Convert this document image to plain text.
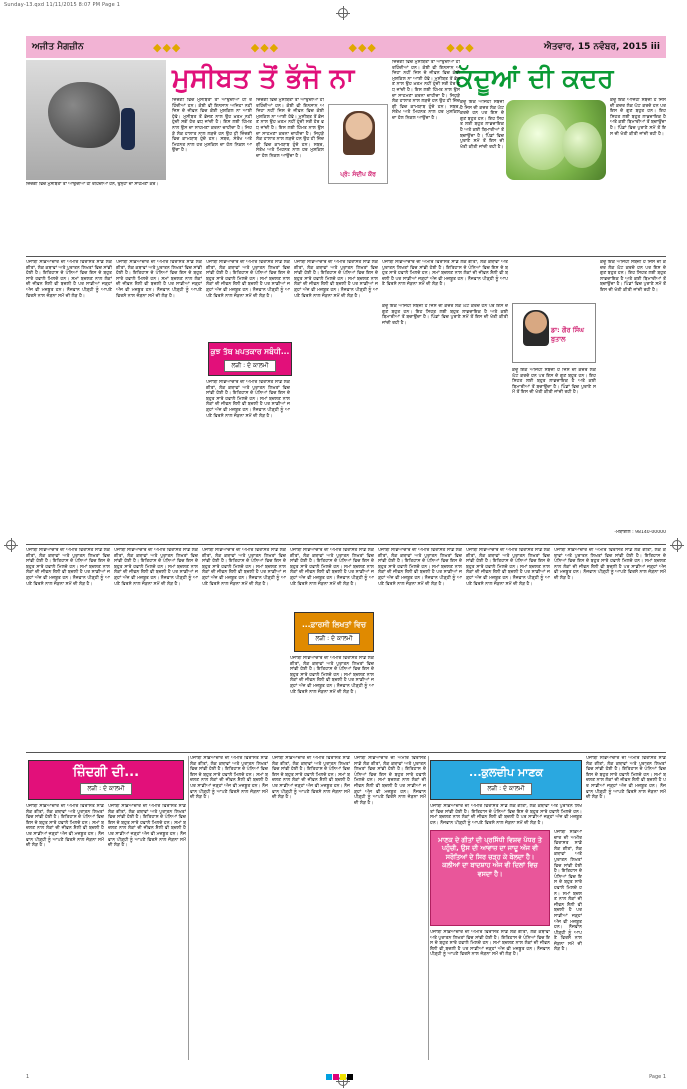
Sunday-13.qxd 11/11/2015 8:07 PM Page 1
ਅਜੀਤ ਮੈਗਜ਼ੀਨ	◆◆◆	◆◆◆	◆◆◆	◆◆◆	ਐਤਵਾਰ, 15 ਨਵੰਬਰ, 2015 iii
ਜ਼ਿੰਦਗੀ ਵਿਚ ਮੁਸੀਬਤਾਂ ਤਾਂ ਆਉਂਦੀਆਂ ਹੀ ਰਹਿੰਦੀਆਂ ਹਨ, ਉਨ੍ਹਾਂ ਦਾ ਸਾਹਮਣਾ ਕਰੋ।
ਮੁਸੀਬਤ ਤੋਂ ਭੱਜੋ ਨਾ	ਕੱਦੂਆਂ ਦੀ ਕਦਰ
ਜ਼ਿੰਦਗੀ ਵਿਚ ਮੁਸੀਬਤਾਂ ਤਾਂ ਆਉਂਦੀਆਂ ਹੀ ਰਹਿੰਦੀਆਂ ਹਨ। ਕੋਈ ਵੀ ਇਨਸਾਨ ਅਜਿਹਾ ਨਹੀਂ ਜਿਸ ਦੇ ਜੀਵਨ ਵਿਚ ਕੋਈ ਮੁਸ਼ਕਿਲ ਨਾ ਆਈ ਹੋਵੇ। ਮੁਸੀਬਤ ਤੋਂ ਭੱਜਣ ਨਾਲ ਉਹ ਖ਼ਤਮ ਨਹੀਂ ਹੁੰਦੀ ਸਗੋਂ ਹੋਰ ਵਧ ਜਾਂਦੀ ਹੈ। ਇਸ ਲਈ ਹਿੰਮਤ ਨਾਲ ਉਸ ਦਾ ਸਾਹਮਣਾ ਕਰਨਾ ਚਾਹੀਦਾ ਹੈ। ਜਿਹੜੇ ਲੋਕ ਹਾਲਾਤ ਨਾਲ ਲੜਦੇ ਹਨ ਉਹ ਹੀ ਜ਼ਿੰਦਗੀ ਵਿਚ ਕਾਮਯਾਬ ਹੁੰਦੇ ਹਨ। ਸਬਰ, ਸੰਤੋਖ ਅਤੇ ਮਿਹਨਤ ਨਾਲ ਹਰ ਮੁਸ਼ਕਿਲ ਦਾ ਹੱਲ ਨਿਕਲ ਆਉਂਦਾ ਹੈ।
ਜ਼ਿੰਦਗੀ ਵਿਚ ਮੁਸੀਬਤਾਂ ਤਾਂ ਆਉਂਦੀਆਂ ਹੀ ਰਹਿੰਦੀਆਂ ਹਨ। ਕੋਈ ਵੀ ਇਨਸਾਨ ਅਜਿਹਾ ਨਹੀਂ ਜਿਸ ਦੇ ਜੀਵਨ ਵਿਚ ਕੋਈ ਮੁਸ਼ਕਿਲ ਨਾ ਆਈ ਹੋਵੇ। ਮੁਸੀਬਤ ਤੋਂ ਭੱਜਣ ਨਾਲ ਉਹ ਖ਼ਤਮ ਨਹੀਂ ਹੁੰਦੀ ਸਗੋਂ ਹੋਰ ਵਧ ਜਾਂਦੀ ਹੈ। ਇਸ ਲਈ ਹਿੰਮਤ ਨਾਲ ਉਸ ਦਾ ਸਾਹਮਣਾ ਕਰਨਾ ਚਾਹੀਦਾ ਹੈ। ਜਿਹੜੇ ਲੋਕ ਹਾਲਾਤ ਨਾਲ ਲੜਦੇ ਹਨ ਉਹ ਹੀ ਜ਼ਿੰਦਗੀ ਵਿਚ ਕਾਮਯਾਬ ਹੁੰਦੇ ਹਨ। ਸਬਰ, ਸੰਤੋਖ ਅਤੇ ਮਿਹਨਤ ਨਾਲ ਹਰ ਮੁਸ਼ਕਿਲ ਦਾ ਹੱਲ ਨਿਕਲ ਆਉਂਦਾ ਹੈ।
ਪ੍ਰੋ: ਸੰਦੀਪ ਕੌਰ
ਜ਼ਿੰਦਗੀ ਵਿਚ ਮੁਸੀਬਤਾਂ ਤਾਂ ਆਉਂਦੀਆਂ ਹੀ ਰਹਿੰਦੀਆਂ ਹਨ। ਕੋਈ ਵੀ ਇਨਸਾਨ ਅਜਿਹਾ ਨਹੀਂ ਜਿਸ ਦੇ ਜੀਵਨ ਵਿਚ ਕੋਈ ਮੁਸ਼ਕਿਲ ਨਾ ਆਈ ਹੋਵੇ। ਮੁਸੀਬਤ ਤੋਂ ਭੱਜਣ ਨਾਲ ਉਹ ਖ਼ਤਮ ਨਹੀਂ ਹੁੰਦੀ ਸਗੋਂ ਹੋਰ ਵਧ ਜਾਂਦੀ ਹੈ। ਇਸ ਲਈ ਹਿੰਮਤ ਨਾਲ ਉਸ ਦਾ ਸਾਹਮਣਾ ਕਰਨਾ ਚਾਹੀਦਾ ਹੈ। ਜਿਹੜੇ ਲੋਕ ਹਾਲਾਤ ਨਾਲ ਲੜਦੇ ਹਨ ਉਹ ਹੀ ਜ਼ਿੰਦਗੀ ਵਿਚ ਕਾਮਯਾਬ ਹੁੰਦੇ ਹਨ। ਸਬਰ, ਸੰਤੋਖ ਅਤੇ ਮਿਹਨਤ ਨਾਲ ਹਰ ਮੁਸ਼ਕਿਲ ਦਾ ਹੱਲ ਨਿਕਲ ਆਉਂਦਾ ਹੈ।
ਕੱਦੂ ਇਕ ਅਜਿਹੀ ਸਬਜ਼ੀ ਹੈ ਜਿਸ ਦੀ ਕਦਰ ਲੋਕ ਘੱਟ ਕਰਦੇ ਹਨ ਪਰ ਇਸ ਦੇ ਗੁਣ ਬਹੁਤ ਹਨ। ਇਹ ਸਿਹਤ ਲਈ ਬਹੁਤ ਲਾਭਦਾਇਕ ਹੈ ਅਤੇ ਕਈ ਬਿਮਾਰੀਆਂ ਤੋਂ ਬਚਾਉਂਦਾ ਹੈ। ਪਿੰਡਾਂ ਵਿਚ ਪੁਰਾਣੇ ਸਮੇਂ ਤੋਂ ਇਸ ਦੀ ਖੇਤੀ ਕੀਤੀ ਜਾਂਦੀ ਰਹੀ ਹੈ।
ਕੱਦੂ ਇਕ ਅਜਿਹੀ ਸਬਜ਼ੀ ਹੈ ਜਿਸ ਦੀ ਕਦਰ ਲੋਕ ਘੱਟ ਕਰਦੇ ਹਨ ਪਰ ਇਸ ਦੇ ਗੁਣ ਬਹੁਤ ਹਨ। ਇਹ ਸਿਹਤ ਲਈ ਬਹੁਤ ਲਾਭਦਾਇਕ ਹੈ ਅਤੇ ਕਈ ਬਿਮਾਰੀਆਂ ਤੋਂ ਬਚਾਉਂਦਾ ਹੈ। ਪਿੰਡਾਂ ਵਿਚ ਪੁਰਾਣੇ ਸਮੇਂ ਤੋਂ ਇਸ ਦੀ ਖੇਤੀ ਕੀਤੀ ਜਾਂਦੀ ਰਹੀ ਹੈ।
ਪੰਜਾਬੀ ਸੱਭਿਆਚਾਰ ਦੀ ਅਮੀਰ ਵਿਰਾਸਤ ਸਾਡੇ ਲੋਕ ਗੀਤਾਂ, ਲੋਕ ਕਥਾਵਾਂ ਅਤੇ ਪੁਰਾਤਨ ਲਿਖਤਾਂ ਵਿਚ ਸਾਂਭੀ ਹੋਈ ਹੈ। ਇਤਿਹਾਸ ਦੇ ਪੰਨਿਆਂ ਵਿਚ ਇਸ ਦੇ ਬਹੁਤ ਸਾਰੇ ਹਵਾਲੇ ਮਿਲਦੇ ਹਨ। ਸਮਾਂ ਬਦਲਣ ਨਾਲ ਲੋਕਾਂ ਦੀ ਜੀਵਨ ਸ਼ੈਲੀ ਵੀ ਬਦਲੀ ਹੈ ਪਰ ਸਾਡੀਆਂ ਜੜ੍ਹਾਂ ਅੱਜ ਵੀ ਮਜ਼ਬੂਤ ਹਨ। ਨੌਜਵਾਨ ਪੀੜ੍ਹੀ ਨੂੰ ਆਪਣੇ ਵਿਰਸੇ ਨਾਲ ਜੋੜਨਾ ਸਮੇਂ ਦੀ ਲੋੜ ਹੈ।
ਪੰਜਾਬੀ ਸੱਭਿਆਚਾਰ ਦੀ ਅਮੀਰ ਵਿਰਾਸਤ ਸਾਡੇ ਲੋਕ ਗੀਤਾਂ, ਲੋਕ ਕਥਾਵਾਂ ਅਤੇ ਪੁਰਾਤਨ ਲਿਖਤਾਂ ਵਿਚ ਸਾਂਭੀ ਹੋਈ ਹੈ। ਇਤਿਹਾਸ ਦੇ ਪੰਨਿਆਂ ਵਿਚ ਇਸ ਦੇ ਬਹੁਤ ਸਾਰੇ ਹਵਾਲੇ ਮਿਲਦੇ ਹਨ। ਸਮਾਂ ਬਦਲਣ ਨਾਲ ਲੋਕਾਂ ਦੀ ਜੀਵਨ ਸ਼ੈਲੀ ਵੀ ਬਦਲੀ ਹੈ ਪਰ ਸਾਡੀਆਂ ਜੜ੍ਹਾਂ ਅੱਜ ਵੀ ਮਜ਼ਬੂਤ ਹਨ। ਨੌਜਵਾਨ ਪੀੜ੍ਹੀ ਨੂੰ ਆਪਣੇ ਵਿਰਸੇ ਨਾਲ ਜੋੜਨਾ ਸਮੇਂ ਦੀ ਲੋੜ ਹੈ।
ਪੰਜਾਬੀ ਸੱਭਿਆਚਾਰ ਦੀ ਅਮੀਰ ਵਿਰਾਸਤ ਸਾਡੇ ਲੋਕ ਗੀਤਾਂ, ਲੋਕ ਕਥਾਵਾਂ ਅਤੇ ਪੁਰਾਤਨ ਲਿਖਤਾਂ ਵਿਚ ਸਾਂਭੀ ਹੋਈ ਹੈ। ਇਤਿਹਾਸ ਦੇ ਪੰਨਿਆਂ ਵਿਚ ਇਸ ਦੇ ਬਹੁਤ ਸਾਰੇ ਹਵਾਲੇ ਮਿਲਦੇ ਹਨ। ਸਮਾਂ ਬਦਲਣ ਨਾਲ ਲੋਕਾਂ ਦੀ ਜੀਵਨ ਸ਼ੈਲੀ ਵੀ ਬਦਲੀ ਹੈ ਪਰ ਸਾਡੀਆਂ ਜੜ੍ਹਾਂ ਅੱਜ ਵੀ ਮਜ਼ਬੂਤ ਹਨ। ਨੌਜਵਾਨ ਪੀੜ੍ਹੀ ਨੂੰ ਆਪਣੇ ਵਿਰਸੇ ਨਾਲ ਜੋੜਨਾ ਸਮੇਂ ਦੀ ਲੋੜ ਹੈ।
ਪੰਜਾਬੀ ਸੱਭਿਆਚਾਰ ਦੀ ਅਮੀਰ ਵਿਰਾਸਤ ਸਾਡੇ ਲੋਕ ਗੀਤਾਂ, ਲੋਕ ਕਥਾਵਾਂ ਅਤੇ ਪੁਰਾਤਨ ਲਿਖਤਾਂ ਵਿਚ ਸਾਂਭੀ ਹੋਈ ਹੈ। ਇਤਿਹਾਸ ਦੇ ਪੰਨਿਆਂ ਵਿਚ ਇਸ ਦੇ ਬਹੁਤ ਸਾਰੇ ਹਵਾਲੇ ਮਿਲਦੇ ਹਨ। ਸਮਾਂ ਬਦਲਣ ਨਾਲ ਲੋਕਾਂ ਦੀ ਜੀਵਨ ਸ਼ੈਲੀ ਵੀ ਬਦਲੀ ਹੈ ਪਰ ਸਾਡੀਆਂ ਜੜ੍ਹਾਂ ਅੱਜ ਵੀ ਮਜ਼ਬੂਤ ਹਨ। ਨੌਜਵਾਨ ਪੀੜ੍ਹੀ ਨੂੰ ਆਪਣੇ ਵਿਰਸੇ ਨਾਲ ਜੋੜਨਾ ਸਮੇਂ ਦੀ ਲੋੜ ਹੈ।
ਪੰਜਾਬੀ ਸੱਭਿਆਚਾਰ ਦੀ ਅਮੀਰ ਵਿਰਾਸਤ ਸਾਡੇ ਲੋਕ ਗੀਤਾਂ, ਲੋਕ ਕਥਾਵਾਂ ਅਤੇ ਪੁਰਾਤਨ ਲਿਖਤਾਂ ਵਿਚ ਸਾਂਭੀ ਹੋਈ ਹੈ। ਇਤਿਹਾਸ ਦੇ ਪੰਨਿਆਂ ਵਿਚ ਇਸ ਦੇ ਬਹੁਤ ਸਾਰੇ ਹਵਾਲੇ ਮਿਲਦੇ ਹਨ। ਸਮਾਂ ਬਦਲਣ ਨਾਲ ਲੋਕਾਂ ਦੀ ਜੀਵਨ ਸ਼ੈਲੀ ਵੀ ਬਦਲੀ ਹੈ ਪਰ ਸਾਡੀਆਂ ਜੜ੍ਹਾਂ ਅੱਜ ਵੀ ਮਜ਼ਬੂਤ ਹਨ। ਨੌਜਵਾਨ ਪੀੜ੍ਹੀ ਨੂੰ ਆਪਣੇ ਵਿਰਸੇ ਨਾਲ ਜੋੜਨਾ ਸਮੇਂ ਦੀ ਲੋੜ ਹੈ।
ਕੱਦੂ ਇਕ ਅਜਿਹੀ ਸਬਜ਼ੀ ਹੈ ਜਿਸ ਦੀ ਕਦਰ ਲੋਕ ਘੱਟ ਕਰਦੇ ਹਨ ਪਰ ਇਸ ਦੇ ਗੁਣ ਬਹੁਤ ਹਨ। ਇਹ ਸਿਹਤ ਲਈ ਬਹੁਤ ਲਾਭਦਾਇਕ ਹੈ ਅਤੇ ਕਈ ਬਿਮਾਰੀਆਂ ਤੋਂ ਬਚਾਉਂਦਾ ਹੈ। ਪਿੰਡਾਂ ਵਿਚ ਪੁਰਾਣੇ ਸਮੇਂ ਤੋਂ ਇਸ ਦੀ ਖੇਤੀ ਕੀਤੀ ਜਾਂਦੀ ਰਹੀ ਹੈ।
ਕੱਦੂ ਇਕ ਅਜਿਹੀ ਸਬਜ਼ੀ ਹੈ ਜਿਸ ਦੀ ਕਦਰ ਲੋਕ ਘੱਟ ਕਰਦੇ ਹਨ ਪਰ ਇਸ ਦੇ ਗੁਣ ਬਹੁਤ ਹਨ। ਇਹ ਸਿਹਤ ਲਈ ਬਹੁਤ ਲਾਭਦਾਇਕ ਹੈ ਅਤੇ ਕਈ ਬਿਮਾਰੀਆਂ ਤੋਂ ਬਚਾਉਂਦਾ ਹੈ। ਪਿੰਡਾਂ ਵਿਚ ਪੁਰਾਣੇ ਸਮੇਂ ਤੋਂ ਇਸ ਦੀ ਖੇਤੀ ਕੀਤੀ ਜਾਂਦੀ ਰਹੀ ਹੈ।
ਕੱਦੂ ਇਕ ਅਜਿਹੀ ਸਬਜ਼ੀ ਹੈ ਜਿਸ ਦੀ ਕਦਰ ਲੋਕ ਘੱਟ ਕਰਦੇ ਹਨ ਪਰ ਇਸ ਦੇ ਗੁਣ ਬਹੁਤ ਹਨ। ਇਹ ਸਿਹਤ ਲਈ ਬਹੁਤ ਲਾਭਦਾਇਕ ਹੈ ਅਤੇ ਕਈ ਬਿਮਾਰੀਆਂ ਤੋਂ ਬਚਾਉਂਦਾ ਹੈ। ਪਿੰਡਾਂ ਵਿਚ ਪੁਰਾਣੇ ਸਮੇਂ ਤੋਂ ਇਸ ਦੀ ਖੇਤੀ ਕੀਤੀ ਜਾਂਦੀ ਰਹੀ ਹੈ।
ਕੁਝ ਤੱਥ ਖ਼ਪਤਕਾਰ ਸਬੰਧੀ...
ਲੜੀ : ਦੋ ਕਾਲਮੀ
ਪੰਜਾਬੀ ਸੱਭਿਆਚਾਰ ਦੀ ਅਮੀਰ ਵਿਰਾਸਤ ਸਾਡੇ ਲੋਕ ਗੀਤਾਂ, ਲੋਕ ਕਥਾਵਾਂ ਅਤੇ ਪੁਰਾਤਨ ਲਿਖਤਾਂ ਵਿਚ ਸਾਂਭੀ ਹੋਈ ਹੈ। ਇਤਿਹਾਸ ਦੇ ਪੰਨਿਆਂ ਵਿਚ ਇਸ ਦੇ ਬਹੁਤ ਸਾਰੇ ਹਵਾਲੇ ਮਿਲਦੇ ਹਨ। ਸਮਾਂ ਬਦਲਣ ਨਾਲ ਲੋਕਾਂ ਦੀ ਜੀਵਨ ਸ਼ੈਲੀ ਵੀ ਬਦਲੀ ਹੈ ਪਰ ਸਾਡੀਆਂ ਜੜ੍ਹਾਂ ਅੱਜ ਵੀ ਮਜ਼ਬੂਤ ਹਨ। ਨੌਜਵਾਨ ਪੀੜ੍ਹੀ ਨੂੰ ਆਪਣੇ ਵਿਰਸੇ ਨਾਲ ਜੋੜਨਾ ਸਮੇਂ ਦੀ ਲੋੜ ਹੈ।
ਡਾ: ਗੌਰ ਸਿੰਘ ਬੁਤਾਲ
-ਮੋਬਾਈਲ : 98140-00000
ਪੰਜਾਬੀ ਸੱਭਿਆਚਾਰ ਦੀ ਅਮੀਰ ਵਿਰਾਸਤ ਸਾਡੇ ਲੋਕ ਗੀਤਾਂ, ਲੋਕ ਕਥਾਵਾਂ ਅਤੇ ਪੁਰਾਤਨ ਲਿਖਤਾਂ ਵਿਚ ਸਾਂਭੀ ਹੋਈ ਹੈ। ਇਤਿਹਾਸ ਦੇ ਪੰਨਿਆਂ ਵਿਚ ਇਸ ਦੇ ਬਹੁਤ ਸਾਰੇ ਹਵਾਲੇ ਮਿਲਦੇ ਹਨ। ਸਮਾਂ ਬਦਲਣ ਨਾਲ ਲੋਕਾਂ ਦੀ ਜੀਵਨ ਸ਼ੈਲੀ ਵੀ ਬਦਲੀ ਹੈ ਪਰ ਸਾਡੀਆਂ ਜੜ੍ਹਾਂ ਅੱਜ ਵੀ ਮਜ਼ਬੂਤ ਹਨ। ਨੌਜਵਾਨ ਪੀੜ੍ਹੀ ਨੂੰ ਆਪਣੇ ਵਿਰਸੇ ਨਾਲ ਜੋੜਨਾ ਸਮੇਂ ਦੀ ਲੋੜ ਹੈ।
ਪੰਜਾਬੀ ਸੱਭਿਆਚਾਰ ਦੀ ਅਮੀਰ ਵਿਰਾਸਤ ਸਾਡੇ ਲੋਕ ਗੀਤਾਂ, ਲੋਕ ਕਥਾਵਾਂ ਅਤੇ ਪੁਰਾਤਨ ਲਿਖਤਾਂ ਵਿਚ ਸਾਂਭੀ ਹੋਈ ਹੈ। ਇਤਿਹਾਸ ਦੇ ਪੰਨਿਆਂ ਵਿਚ ਇਸ ਦੇ ਬਹੁਤ ਸਾਰੇ ਹਵਾਲੇ ਮਿਲਦੇ ਹਨ। ਸਮਾਂ ਬਦਲਣ ਨਾਲ ਲੋਕਾਂ ਦੀ ਜੀਵਨ ਸ਼ੈਲੀ ਵੀ ਬਦਲੀ ਹੈ ਪਰ ਸਾਡੀਆਂ ਜੜ੍ਹਾਂ ਅੱਜ ਵੀ ਮਜ਼ਬੂਤ ਹਨ। ਨੌਜਵਾਨ ਪੀੜ੍ਹੀ ਨੂੰ ਆਪਣੇ ਵਿਰਸੇ ਨਾਲ ਜੋੜਨਾ ਸਮੇਂ ਦੀ ਲੋੜ ਹੈ।
ਪੰਜਾਬੀ ਸੱਭਿਆਚਾਰ ਦੀ ਅਮੀਰ ਵਿਰਾਸਤ ਸਾਡੇ ਲੋਕ ਗੀਤਾਂ, ਲੋਕ ਕਥਾਵਾਂ ਅਤੇ ਪੁਰਾਤਨ ਲਿਖਤਾਂ ਵਿਚ ਸਾਂਭੀ ਹੋਈ ਹੈ। ਇਤਿਹਾਸ ਦੇ ਪੰਨਿਆਂ ਵਿਚ ਇਸ ਦੇ ਬਹੁਤ ਸਾਰੇ ਹਵਾਲੇ ਮਿਲਦੇ ਹਨ। ਸਮਾਂ ਬਦਲਣ ਨਾਲ ਲੋਕਾਂ ਦੀ ਜੀਵਨ ਸ਼ੈਲੀ ਵੀ ਬਦਲੀ ਹੈ ਪਰ ਸਾਡੀਆਂ ਜੜ੍ਹਾਂ ਅੱਜ ਵੀ ਮਜ਼ਬੂਤ ਹਨ। ਨੌਜਵਾਨ ਪੀੜ੍ਹੀ ਨੂੰ ਆਪਣੇ ਵਿਰਸੇ ਨਾਲ ਜੋੜਨਾ ਸਮੇਂ ਦੀ ਲੋੜ ਹੈ।
ਪੰਜਾਬੀ ਸੱਭਿਆਚਾਰ ਦੀ ਅਮੀਰ ਵਿਰਾਸਤ ਸਾਡੇ ਲੋਕ ਗੀਤਾਂ, ਲੋਕ ਕਥਾਵਾਂ ਅਤੇ ਪੁਰਾਤਨ ਲਿਖਤਾਂ ਵਿਚ ਸਾਂਭੀ ਹੋਈ ਹੈ। ਇਤਿਹਾਸ ਦੇ ਪੰਨਿਆਂ ਵਿਚ ਇਸ ਦੇ ਬਹੁਤ ਸਾਰੇ ਹਵਾਲੇ ਮਿਲਦੇ ਹਨ। ਸਮਾਂ ਬਦਲਣ ਨਾਲ ਲੋਕਾਂ ਦੀ ਜੀਵਨ ਸ਼ੈਲੀ ਵੀ ਬਦਲੀ ਹੈ ਪਰ ਸਾਡੀਆਂ ਜੜ੍ਹਾਂ ਅੱਜ ਵੀ ਮਜ਼ਬੂਤ ਹਨ। ਨੌਜਵਾਨ ਪੀੜ੍ਹੀ ਨੂੰ ਆਪਣੇ ਵਿਰਸੇ ਨਾਲ ਜੋੜਨਾ ਸਮੇਂ ਦੀ ਲੋੜ ਹੈ।
ਪੰਜਾਬੀ ਸੱਭਿਆਚਾਰ ਦੀ ਅਮੀਰ ਵਿਰਾਸਤ ਸਾਡੇ ਲੋਕ ਗੀਤਾਂ, ਲੋਕ ਕਥਾਵਾਂ ਅਤੇ ਪੁਰਾਤਨ ਲਿਖਤਾਂ ਵਿਚ ਸਾਂਭੀ ਹੋਈ ਹੈ। ਇਤਿਹਾਸ ਦੇ ਪੰਨਿਆਂ ਵਿਚ ਇਸ ਦੇ ਬਹੁਤ ਸਾਰੇ ਹਵਾਲੇ ਮਿਲਦੇ ਹਨ। ਸਮਾਂ ਬਦਲਣ ਨਾਲ ਲੋਕਾਂ ਦੀ ਜੀਵਨ ਸ਼ੈਲੀ ਵੀ ਬਦਲੀ ਹੈ ਪਰ ਸਾਡੀਆਂ ਜੜ੍ਹਾਂ ਅੱਜ ਵੀ ਮਜ਼ਬੂਤ ਹਨ। ਨੌਜਵਾਨ ਪੀੜ੍ਹੀ ਨੂੰ ਆਪਣੇ ਵਿਰਸੇ ਨਾਲ ਜੋੜਨਾ ਸਮੇਂ ਦੀ ਲੋੜ ਹੈ।
ਪੰਜਾਬੀ ਸੱਭਿਆਚਾਰ ਦੀ ਅਮੀਰ ਵਿਰਾਸਤ ਸਾਡੇ ਲੋਕ ਗੀਤਾਂ, ਲੋਕ ਕਥਾਵਾਂ ਅਤੇ ਪੁਰਾਤਨ ਲਿਖਤਾਂ ਵਿਚ ਸਾਂਭੀ ਹੋਈ ਹੈ। ਇਤਿਹਾਸ ਦੇ ਪੰਨਿਆਂ ਵਿਚ ਇਸ ਦੇ ਬਹੁਤ ਸਾਰੇ ਹਵਾਲੇ ਮਿਲਦੇ ਹਨ। ਸਮਾਂ ਬਦਲਣ ਨਾਲ ਲੋਕਾਂ ਦੀ ਜੀਵਨ ਸ਼ੈਲੀ ਵੀ ਬਦਲੀ ਹੈ ਪਰ ਸਾਡੀਆਂ ਜੜ੍ਹਾਂ ਅੱਜ ਵੀ ਮਜ਼ਬੂਤ ਹਨ। ਨੌਜਵਾਨ ਪੀੜ੍ਹੀ ਨੂੰ ਆਪਣੇ ਵਿਰਸੇ ਨਾਲ ਜੋੜਨਾ ਸਮੇਂ ਦੀ ਲੋੜ ਹੈ।
ਪੰਜਾਬੀ ਸੱਭਿਆਚਾਰ ਦੀ ਅਮੀਰ ਵਿਰਾਸਤ ਸਾਡੇ ਲੋਕ ਗੀਤਾਂ, ਲੋਕ ਕਥਾਵਾਂ ਅਤੇ ਪੁਰਾਤਨ ਲਿਖਤਾਂ ਵਿਚ ਸਾਂਭੀ ਹੋਈ ਹੈ। ਇਤਿਹਾਸ ਦੇ ਪੰਨਿਆਂ ਵਿਚ ਇਸ ਦੇ ਬਹੁਤ ਸਾਰੇ ਹਵਾਲੇ ਮਿਲਦੇ ਹਨ। ਸਮਾਂ ਬਦਲਣ ਨਾਲ ਲੋਕਾਂ ਦੀ ਜੀਵਨ ਸ਼ੈਲੀ ਵੀ ਬਦਲੀ ਹੈ ਪਰ ਸਾਡੀਆਂ ਜੜ੍ਹਾਂ ਅੱਜ ਵੀ ਮਜ਼ਬੂਤ ਹਨ। ਨੌਜਵਾਨ ਪੀੜ੍ਹੀ ਨੂੰ ਆਪਣੇ ਵਿਰਸੇ ਨਾਲ ਜੋੜਨਾ ਸਮੇਂ ਦੀ ਲੋੜ ਹੈ।
...ਫ਼ਾਰਸੀ ਲਿਖਤਾਂ ਵਿਚ
ਲੜੀ : ਦੋ ਕਾਲਮੀ
ਪੰਜਾਬੀ ਸੱਭਿਆਚਾਰ ਦੀ ਅਮੀਰ ਵਿਰਾਸਤ ਸਾਡੇ ਲੋਕ ਗੀਤਾਂ, ਲੋਕ ਕਥਾਵਾਂ ਅਤੇ ਪੁਰਾਤਨ ਲਿਖਤਾਂ ਵਿਚ ਸਾਂਭੀ ਹੋਈ ਹੈ। ਇਤਿਹਾਸ ਦੇ ਪੰਨਿਆਂ ਵਿਚ ਇਸ ਦੇ ਬਹੁਤ ਸਾਰੇ ਹਵਾਲੇ ਮਿਲਦੇ ਹਨ। ਸਮਾਂ ਬਦਲਣ ਨਾਲ ਲੋਕਾਂ ਦੀ ਜੀਵਨ ਸ਼ੈਲੀ ਵੀ ਬਦਲੀ ਹੈ ਪਰ ਸਾਡੀਆਂ ਜੜ੍ਹਾਂ ਅੱਜ ਵੀ ਮਜ਼ਬੂਤ ਹਨ। ਨੌਜਵਾਨ ਪੀੜ੍ਹੀ ਨੂੰ ਆਪਣੇ ਵਿਰਸੇ ਨਾਲ ਜੋੜਨਾ ਸਮੇਂ ਦੀ ਲੋੜ ਹੈ।
ਜ਼ਿੰਦਗੀ ਦੀ...
ਲੜੀ : ਦੋ ਕਾਲਮੀ
ਪੰਜਾਬੀ ਸੱਭਿਆਚਾਰ ਦੀ ਅਮੀਰ ਵਿਰਾਸਤ ਸਾਡੇ ਲੋਕ ਗੀਤਾਂ, ਲੋਕ ਕਥਾਵਾਂ ਅਤੇ ਪੁਰਾਤਨ ਲਿਖਤਾਂ ਵਿਚ ਸਾਂਭੀ ਹੋਈ ਹੈ। ਇਤਿਹਾਸ ਦੇ ਪੰਨਿਆਂ ਵਿਚ ਇਸ ਦੇ ਬਹੁਤ ਸਾਰੇ ਹਵਾਲੇ ਮਿਲਦੇ ਹਨ। ਸਮਾਂ ਬਦਲਣ ਨਾਲ ਲੋਕਾਂ ਦੀ ਜੀਵਨ ਸ਼ੈਲੀ ਵੀ ਬਦਲੀ ਹੈ ਪਰ ਸਾਡੀਆਂ ਜੜ੍ਹਾਂ ਅੱਜ ਵੀ ਮਜ਼ਬੂਤ ਹਨ। ਨੌਜਵਾਨ ਪੀੜ੍ਹੀ ਨੂੰ ਆਪਣੇ ਵਿਰਸੇ ਨਾਲ ਜੋੜਨਾ ਸਮੇਂ ਦੀ ਲੋੜ ਹੈ।
ਪੰਜਾਬੀ ਸੱਭਿਆਚਾਰ ਦੀ ਅਮੀਰ ਵਿਰਾਸਤ ਸਾਡੇ ਲੋਕ ਗੀਤਾਂ, ਲੋਕ ਕਥਾਵਾਂ ਅਤੇ ਪੁਰਾਤਨ ਲਿਖਤਾਂ ਵਿਚ ਸਾਂਭੀ ਹੋਈ ਹੈ। ਇਤਿਹਾਸ ਦੇ ਪੰਨਿਆਂ ਵਿਚ ਇਸ ਦੇ ਬਹੁਤ ਸਾਰੇ ਹਵਾਲੇ ਮਿਲਦੇ ਹਨ। ਸਮਾਂ ਬਦਲਣ ਨਾਲ ਲੋਕਾਂ ਦੀ ਜੀਵਨ ਸ਼ੈਲੀ ਵੀ ਬਦਲੀ ਹੈ ਪਰ ਸਾਡੀਆਂ ਜੜ੍ਹਾਂ ਅੱਜ ਵੀ ਮਜ਼ਬੂਤ ਹਨ। ਨੌਜਵਾਨ ਪੀੜ੍ਹੀ ਨੂੰ ਆਪਣੇ ਵਿਰਸੇ ਨਾਲ ਜੋੜਨਾ ਸਮੇਂ ਦੀ ਲੋੜ ਹੈ।
ਪੰਜਾਬੀ ਸੱਭਿਆਚਾਰ ਦੀ ਅਮੀਰ ਵਿਰਾਸਤ ਸਾਡੇ ਲੋਕ ਗੀਤਾਂ, ਲੋਕ ਕਥਾਵਾਂ ਅਤੇ ਪੁਰਾਤਨ ਲਿਖਤਾਂ ਵਿਚ ਸਾਂਭੀ ਹੋਈ ਹੈ। ਇਤਿਹਾਸ ਦੇ ਪੰਨਿਆਂ ਵਿਚ ਇਸ ਦੇ ਬਹੁਤ ਸਾਰੇ ਹਵਾਲੇ ਮਿਲਦੇ ਹਨ। ਸਮਾਂ ਬਦਲਣ ਨਾਲ ਲੋਕਾਂ ਦੀ ਜੀਵਨ ਸ਼ੈਲੀ ਵੀ ਬਦਲੀ ਹੈ ਪਰ ਸਾਡੀਆਂ ਜੜ੍ਹਾਂ ਅੱਜ ਵੀ ਮਜ਼ਬੂਤ ਹਨ। ਨੌਜਵਾਨ ਪੀੜ੍ਹੀ ਨੂੰ ਆਪਣੇ ਵਿਰਸੇ ਨਾਲ ਜੋੜਨਾ ਸਮੇਂ ਦੀ ਲੋੜ ਹੈ।
ਪੰਜਾਬੀ ਸੱਭਿਆਚਾਰ ਦੀ ਅਮੀਰ ਵਿਰਾਸਤ ਸਾਡੇ ਲੋਕ ਗੀਤਾਂ, ਲੋਕ ਕਥਾਵਾਂ ਅਤੇ ਪੁਰਾਤਨ ਲਿਖਤਾਂ ਵਿਚ ਸਾਂਭੀ ਹੋਈ ਹੈ। ਇਤਿਹਾਸ ਦੇ ਪੰਨਿਆਂ ਵਿਚ ਇਸ ਦੇ ਬਹੁਤ ਸਾਰੇ ਹਵਾਲੇ ਮਿਲਦੇ ਹਨ। ਸਮਾਂ ਬਦਲਣ ਨਾਲ ਲੋਕਾਂ ਦੀ ਜੀਵਨ ਸ਼ੈਲੀ ਵੀ ਬਦਲੀ ਹੈ ਪਰ ਸਾਡੀਆਂ ਜੜ੍ਹਾਂ ਅੱਜ ਵੀ ਮਜ਼ਬੂਤ ਹਨ। ਨੌਜਵਾਨ ਪੀੜ੍ਹੀ ਨੂੰ ਆਪਣੇ ਵਿਰਸੇ ਨਾਲ ਜੋੜਨਾ ਸਮੇਂ ਦੀ ਲੋੜ ਹੈ।
ਪੰਜਾਬੀ ਸੱਭਿਆਚਾਰ ਦੀ ਅਮੀਰ ਵਿਰਾਸਤ ਸਾਡੇ ਲੋਕ ਗੀਤਾਂ, ਲੋਕ ਕਥਾਵਾਂ ਅਤੇ ਪੁਰਾਤਨ ਲਿਖਤਾਂ ਵਿਚ ਸਾਂਭੀ ਹੋਈ ਹੈ। ਇਤਿਹਾਸ ਦੇ ਪੰਨਿਆਂ ਵਿਚ ਇਸ ਦੇ ਬਹੁਤ ਸਾਰੇ ਹਵਾਲੇ ਮਿਲਦੇ ਹਨ। ਸਮਾਂ ਬਦਲਣ ਨਾਲ ਲੋਕਾਂ ਦੀ ਜੀਵਨ ਸ਼ੈਲੀ ਵੀ ਬਦਲੀ ਹੈ ਪਰ ਸਾਡੀਆਂ ਜੜ੍ਹਾਂ ਅੱਜ ਵੀ ਮਜ਼ਬੂਤ ਹਨ। ਨੌਜਵਾਨ ਪੀੜ੍ਹੀ ਨੂੰ ਆਪਣੇ ਵਿਰਸੇ ਨਾਲ ਜੋੜਨਾ ਸਮੇਂ ਦੀ ਲੋੜ ਹੈ।
...ਕੁਲਦੀਪ ਮਾਣਕ
ਲੜੀ : ਦੋ ਕਾਲਮੀ
ਪੰਜਾਬੀ ਸੱਭਿਆਚਾਰ ਦੀ ਅਮੀਰ ਵਿਰਾਸਤ ਸਾਡੇ ਲੋਕ ਗੀਤਾਂ, ਲੋਕ ਕਥਾਵਾਂ ਅਤੇ ਪੁਰਾਤਨ ਲਿਖਤਾਂ ਵਿਚ ਸਾਂਭੀ ਹੋਈ ਹੈ। ਇਤਿਹਾਸ ਦੇ ਪੰਨਿਆਂ ਵਿਚ ਇਸ ਦੇ ਬਹੁਤ ਸਾਰੇ ਹਵਾਲੇ ਮਿਲਦੇ ਹਨ। ਸਮਾਂ ਬਦਲਣ ਨਾਲ ਲੋਕਾਂ ਦੀ ਜੀਵਨ ਸ਼ੈਲੀ ਵੀ ਬਦਲੀ ਹੈ ਪਰ ਸਾਡੀਆਂ ਜੜ੍ਹਾਂ ਅੱਜ ਵੀ ਮਜ਼ਬੂਤ ਹਨ। ਨੌਜਵਾਨ ਪੀੜ੍ਹੀ ਨੂੰ ਆਪਣੇ ਵਿਰਸੇ ਨਾਲ ਜੋੜਨਾ ਸਮੇਂ ਦੀ ਲੋੜ ਹੈ।
ਪੰਜਾਬੀ ਸੱਭਿਆਚਾਰ ਦੀ ਅਮੀਰ ਵਿਰਾਸਤ ਸਾਡੇ ਲੋਕ ਗੀਤਾਂ, ਲੋਕ ਕਥਾਵਾਂ ਅਤੇ ਪੁਰਾਤਨ ਲਿਖਤਾਂ ਵਿਚ ਸਾਂਭੀ ਹੋਈ ਹੈ। ਇਤਿਹਾਸ ਦੇ ਪੰਨਿਆਂ ਵਿਚ ਇਸ ਦੇ ਬਹੁਤ ਸਾਰੇ ਹਵਾਲੇ ਮਿਲਦੇ ਹਨ। ਸਮਾਂ ਬਦਲਣ ਨਾਲ ਲੋਕਾਂ ਦੀ ਜੀਵਨ ਸ਼ੈਲੀ ਵੀ ਬਦਲੀ ਹੈ ਪਰ ਸਾਡੀਆਂ ਜੜ੍ਹਾਂ ਅੱਜ ਵੀ ਮਜ਼ਬੂਤ ਹਨ। ਨੌਜਵਾਨ ਪੀੜ੍ਹੀ ਨੂੰ ਆਪਣੇ ਵਿਰਸੇ ਨਾਲ ਜੋੜਨਾ ਸਮੇਂ ਦੀ ਲੋੜ ਹੈ।
ਮਾਣਕ ਦੇ ਗੀਤਾਂ ਦੀ ਪ੍ਰਸਿੱਧੀ ਵਿਸ਼ਵ ਪੱਧਰ ਤੇ ਪਹੁੰਚੀ, ਉਸ ਦੀ ਆਵਾਜ਼ ਦਾ ਜਾਦੂ ਅੱਜ ਵੀ ਸਰੋਤਿਆਂ ਦੇ ਸਿਰ ਚੜ੍ਹ ਕੇ ਬੋਲਦਾ ਹੈ। ਕਲੀਆਂ ਦਾ ਬਾਦਸ਼ਾਹ ਅੱਜ ਵੀ ਦਿਲਾਂ ਵਿਚ ਵਸਦਾ ਹੈ।
ਪੰਜਾਬੀ ਸੱਭਿਆਚਾਰ ਦੀ ਅਮੀਰ ਵਿਰਾਸਤ ਸਾਡੇ ਲੋਕ ਗੀਤਾਂ, ਲੋਕ ਕਥਾਵਾਂ ਅਤੇ ਪੁਰਾਤਨ ਲਿਖਤਾਂ ਵਿਚ ਸਾਂਭੀ ਹੋਈ ਹੈ। ਇਤਿਹਾਸ ਦੇ ਪੰਨਿਆਂ ਵਿਚ ਇਸ ਦੇ ਬਹੁਤ ਸਾਰੇ ਹਵਾਲੇ ਮਿਲਦੇ ਹਨ। ਸਮਾਂ ਬਦਲਣ ਨਾਲ ਲੋਕਾਂ ਦੀ ਜੀਵਨ ਸ਼ੈਲੀ ਵੀ ਬਦਲੀ ਹੈ ਪਰ ਸਾਡੀਆਂ ਜੜ੍ਹਾਂ ਅੱਜ ਵੀ ਮਜ਼ਬੂਤ ਹਨ। ਨੌਜਵਾਨ ਪੀੜ੍ਹੀ ਨੂੰ ਆਪਣੇ ਵਿਰਸੇ ਨਾਲ ਜੋੜਨਾ ਸਮੇਂ ਦੀ ਲੋੜ ਹੈ।
ਪੰਜਾਬੀ ਸੱਭਿਆਚਾਰ ਦੀ ਅਮੀਰ ਵਿਰਾਸਤ ਸਾਡੇ ਲੋਕ ਗੀਤਾਂ, ਲੋਕ ਕਥਾਵਾਂ ਅਤੇ ਪੁਰਾਤਨ ਲਿਖਤਾਂ ਵਿਚ ਸਾਂਭੀ ਹੋਈ ਹੈ। ਇਤਿਹਾਸ ਦੇ ਪੰਨਿਆਂ ਵਿਚ ਇਸ ਦੇ ਬਹੁਤ ਸਾਰੇ ਹਵਾਲੇ ਮਿਲਦੇ ਹਨ। ਸਮਾਂ ਬਦਲਣ ਨਾਲ ਲੋਕਾਂ ਦੀ ਜੀਵਨ ਸ਼ੈਲੀ ਵੀ ਬਦਲੀ ਹੈ ਪਰ ਸਾਡੀਆਂ ਜੜ੍ਹਾਂ ਅੱਜ ਵੀ ਮਜ਼ਬੂਤ ਹਨ। ਨੌਜਵਾਨ ਪੀੜ੍ਹੀ ਨੂੰ ਆਪਣੇ ਵਿਰਸੇ ਨਾਲ ਜੋੜਨਾ ਸਮੇਂ ਦੀ ਲੋੜ ਹੈ।
1	Page 1
